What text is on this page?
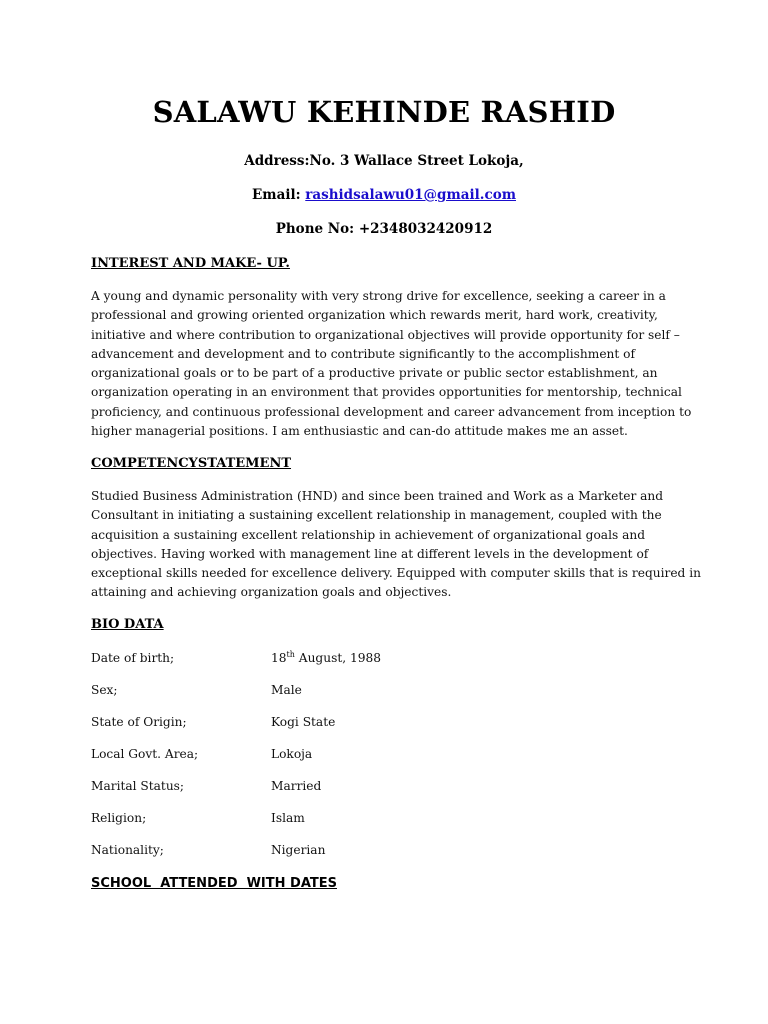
SALAWU KEHINDE RASHID
Address:No. 3 Wallace Street Lokoja,
Email: rashidsalawu01@gmail.com
Phone No: +2348032420912
INTEREST AND MAKE- UP.
A young and dynamic personality with very strong drive for excellence, seeking a career in a
professional and growing oriented organization which rewards merit, hard work, creativity,
initiative and where contribution to organizational objectives will provide opportunity for self –
advancement and development and to contribute significantly to the accomplishment of
organizational goals or to be part of a productive private or public sector establishment, an
organization operating in an environment that provides opportunities for mentorship, technical
proficiency, and continuous professional development and career advancement from inception to
higher managerial positions. I am enthusiastic and can-do attitude makes me an asset.
COMPETENCYSTATEMENT
Studied Business Administration (HND) and since been trained and Work as a Marketer and
Consultant in initiating a sustaining excellent relationship in management, coupled with the
acquisition a sustaining excellent relationship in achievement of organizational goals and
objectives. Having worked with management line at different levels in the development of
exceptional skills needed for excellence delivery. Equipped with computer skills that is required in
attaining and achieving organization goals and objectives.
BIO DATA
Date of birth;	18th August, 1988
Sex;	Male
State of Origin;	Kogi State
Local Govt. Area;	Lokoja
Marital Status;	Married
Religion;	Islam
Nationality;	Nigerian
SCHOOL  ATTENDED  WITH DATES
